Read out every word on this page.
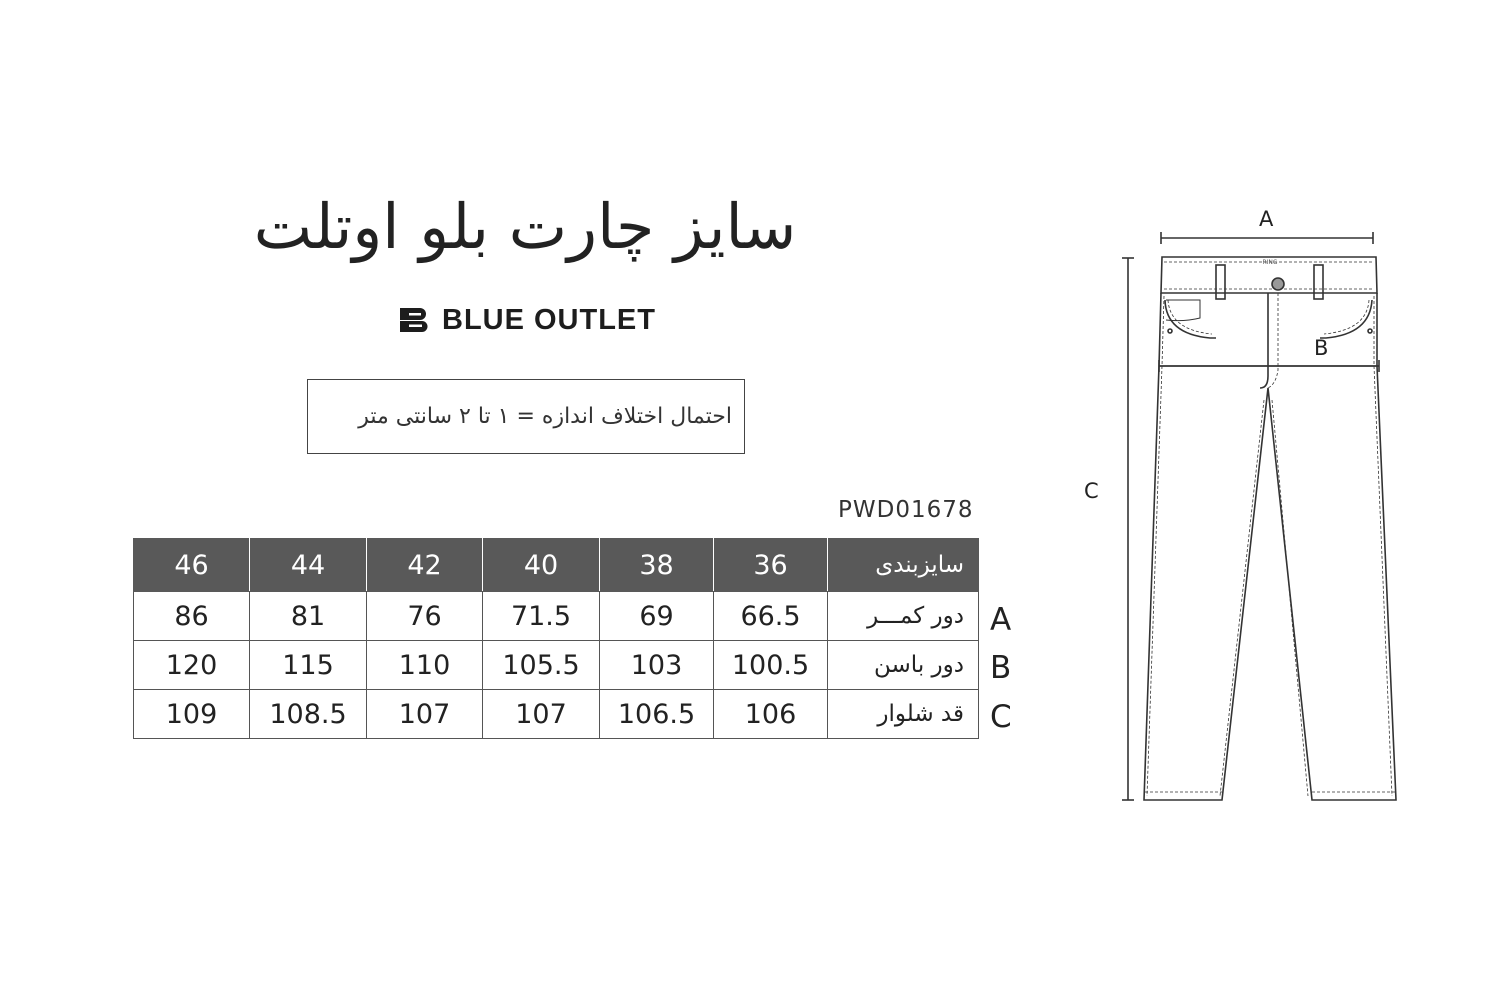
سایز چارت بلو اوتلت
BLUE OUTLET
احتمال اختلاف اندازه = ۱ تا ۲ سانتی متر
PWD01678
46	44	42	40	38	36	سایزبندی
86	81	76	71.5	69	66.5	دور کمـــر
120	115	110	105.5	103	100.5	دور باسن
109	108.5	107	107	106.5	106	قد شلوار
A
B
C
RING
A
B
C
